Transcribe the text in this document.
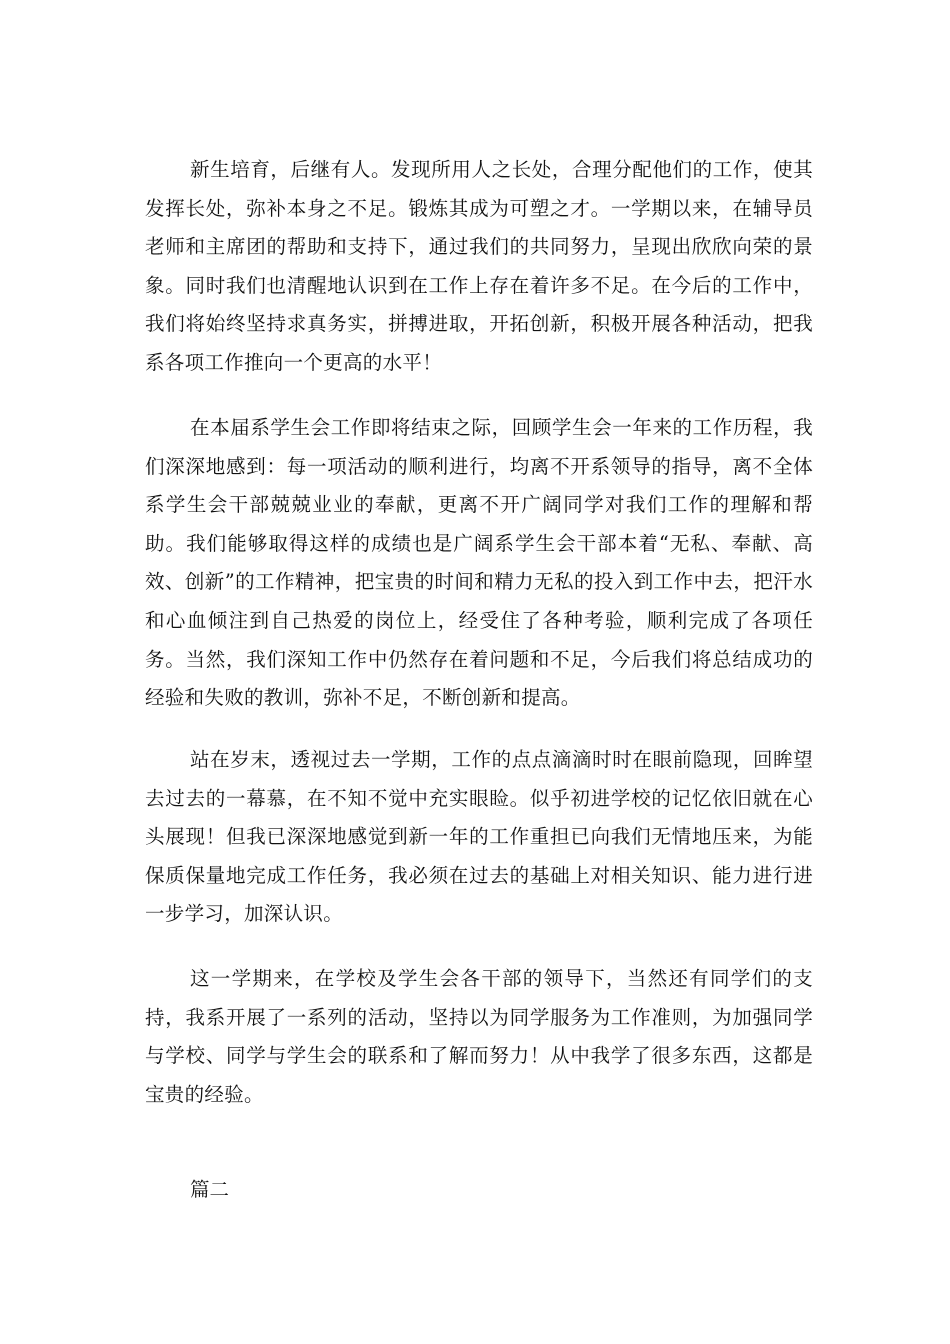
新生培育，后继有人。发现所用人之长处，合理分配他们的工作，使其发挥长处，弥补本身之不足。锻炼其成为可塑之才。一学期以来，在辅导员老师和主席团的帮助和支持下，通过我们的共同努力，呈现出欣欣向荣的景象。同时我们也清醒地认识到在工作上存在着许多不足。在今后的工作中，我们将始终坚持求真务实，拼搏进取，开拓创新，积极开展各种活动，把我系各项工作推向一个更高的水平！

在本届系学生会工作即将结束之际，回顾学生会一年来的工作历程，我们深深地感到：每一项活动的顺利进行，均离不开系领导的指导，离不全体系学生会干部兢兢业业的奉献，更离不开广阔同学对我们工作的理解和帮助。我们能够取得这样的成绩也是广阔系学生会干部本着“无私、奉献、高效、创新”的工作精神，把宝贵的时间和精力无私的投入到工作中去，把汗水和心血倾注到自己热爱的岗位上，经受住了各种考验，顺利完成了各项任务。当然，我们深知工作中仍然存在着问题和不足，今后我们将总结成功的经验和失败的教训，弥补不足，不断创新和提高。

站在岁末，透视过去一学期，工作的点点滴滴时时在眼前隐现，回眸望去过去的一幕慕，在不知不觉中充实眼睑。似乎初进学校的记忆依旧就在心头展现！但我已深深地感觉到新一年的工作重担已向我们无情地压来，为能保质保量地完成工作任务，我必须在过去的基础上对相关知识、能力进行进一步学习，加深认识。

这一学期来，在学校及学生会各干部的领导下，当然还有同学们的支持，我系开展了一系列的活动，坚持以为同学服务为工作准则，为加强同学与学校、同学与学生会的联系和了解而努力！从中我学了很多东西，这都是宝贵的经验。

篇二
